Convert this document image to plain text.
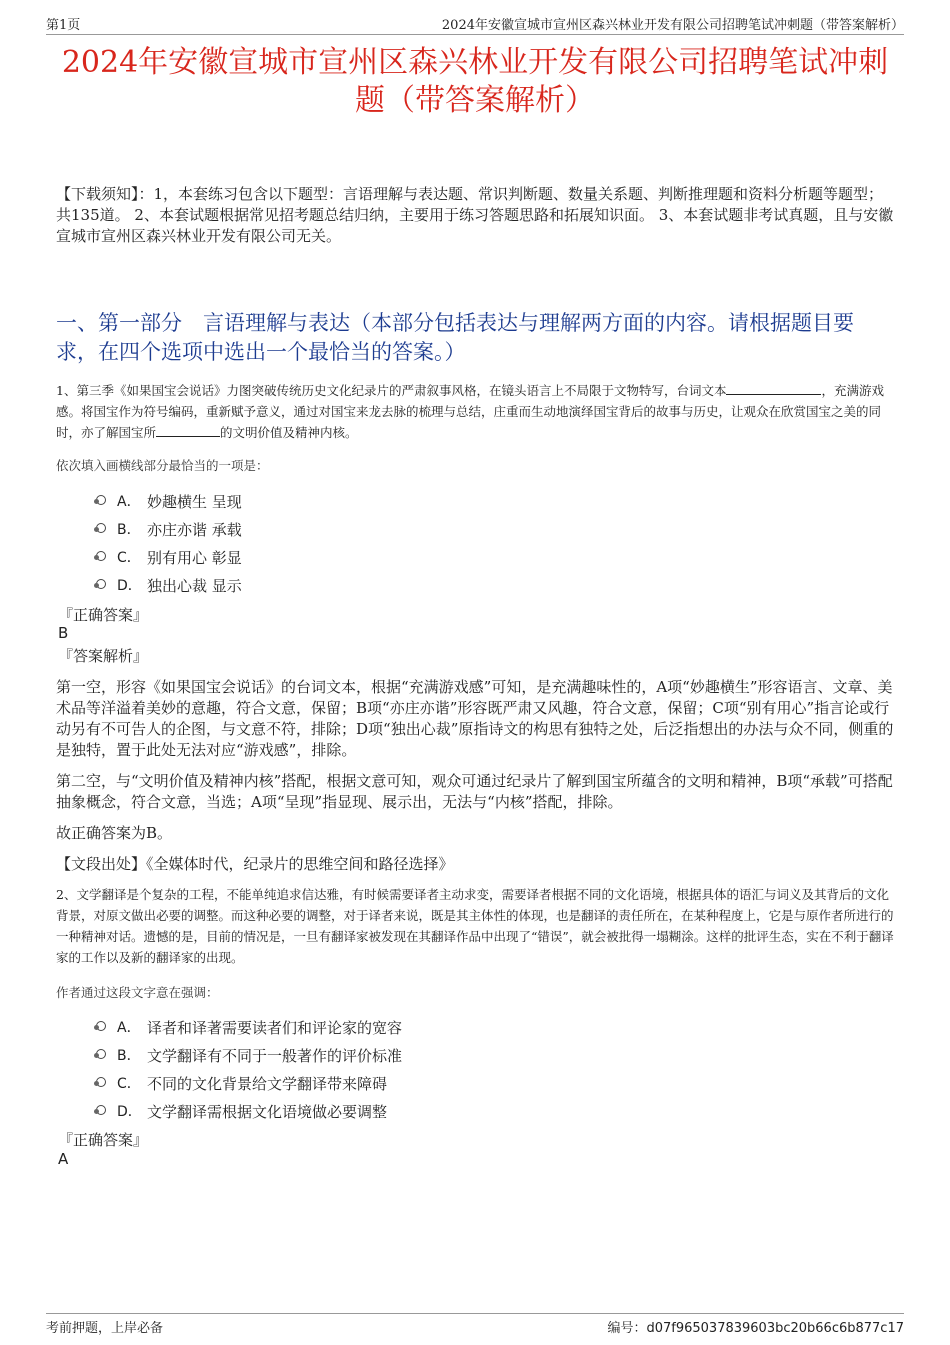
第1页	2024年安徽宣城市宣州区森兴林业开发有限公司招聘笔试冲刺题（带答案解析）
2024年安徽宣城市宣州区森兴林业开发有限公司招聘笔试冲刺
题（带答案解析）
【下载须知】：1，本套练习包含以下题型：言语理解与表达题、常识判断题、数量关系题、判断推理题和资料分析题等题型；共135道。 2、本套试题根据常见招考题总结归纳，主要用于练习答题思路和拓展知识面。 3、本套试题非考试真题，且与安徽宣城市宣州区森兴林业开发有限公司无关。
一、第一部分　言语理解与表达（本部分包括表达与理解两方面的内容。请根据题目要求，在四个选项中选出一个最恰当的答案。）

1、第三季《如果国宝会说话》力图突破传统历史文化纪录片的严肃叙事风格，在镜头语言上不局限于文物特写，台词文本	，充满游戏感。将国宝作为符号编码，重新赋予意义，通过对国宝来龙去脉的梳理与总结，庄重而生动地演绎国宝背后的故事与历史，让观众在欣赏国宝之美的同时，亦了解国宝所	的文明价值及精神内核。

依次填入画横线部分最恰当的一项是：

A． 妙趣横生 呈现
B． 亦庄亦谐 承载
C． 别有用心 彰显
D． 独出心裁 显示
『正确答案』
B
『答案解析』

第一空，形容《如果国宝会说话》的台词文本，根据“充满游戏感”可知，是充满趣味性的，A项“妙趣横生”形容语言、文章、美术品等洋溢着美妙的意趣，符合文意，保留；B项“亦庄亦谐”形容既严肃又风趣，符合文意，保留；C项“别有用心”指言论或行动另有不可告人的企图，与文意不符，排除；D项“独出心裁”原指诗文的构思有独特之处，后泛指想出的办法与众不同，侧重的是独特，置于此处无法对应“游戏感”，排除。

第二空，与“文明价值及精神内核”搭配，根据文意可知，观众可通过纪录片了解到国宝所蕴含的文明和精神，B项“承载”可搭配抽象概念，符合文意，当选；A项“呈现”指显现、展示出，无法与“内核”搭配，排除。

故正确答案为B。

【文段出处】《全媒体时代，纪录片的思维空间和路径选择》

2、文学翻译是个复杂的工程，不能单纯追求信达雅，有时候需要译者主动求变，需要译者根据不同的文化语境，根据具体的语汇与词义及其背后的文化背景，对原文做出必要的调整。而这种必要的调整，对于译者来说，既是其主体性的体现，也是翻译的责任所在，在某种程度上，它是与原作者所进行的一种精神对话。遗憾的是，目前的情况是，一旦有翻译家被发现在其翻译作品中出现了“错误”，就会被批得一塌糊涂。这样的批评生态，实在不利于翻译家的工作以及新的翻译家的出现。

作者通过这段文字意在强调：

A． 译者和译著需要读者们和评论家的宽容
B． 文学翻译有不同于一般著作的评价标准
C． 不同的文化背景给文学翻译带来障碍
D． 文学翻译需根据文化语境做必要调整
『正确答案』
A
考前押题，上岸必备	编号：d07f965037839603bc20b66c6b877c17
